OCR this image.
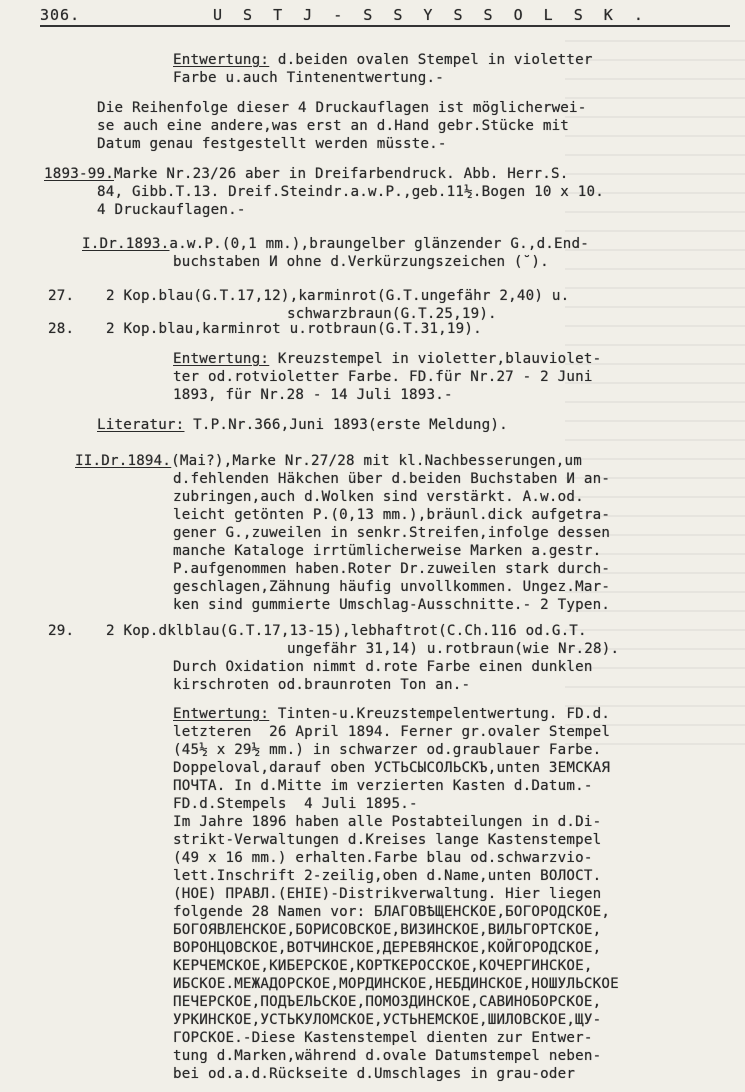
306.	U S T J - S S Y S S O L S K .
Entwertung: d.beiden ovalen Stempel in violetter
Farbe u.auch Tintenentwertung.-
Die Reihenfolge dieser 4 Druckauflagen ist möglicherwei-
se auch eine andere,was erst an d.Hand gebr.Stücke mit
Datum genau festgestellt werden müsste.-
1893-99.Marke Nr.23/26 aber in Dreifarbendruck. Abb. Herr.S.
84, Gibb.T.13. Dreif.Steindr.a.w.P.,geb.11½.Bogen 10 x 10.
4 Druckauflagen.-
I.Dr.1893.a.w.P.(0,1 mm.),braungelber glänzender G.,d.End-
buchstaben И ohne d.Verkürzungszeichen (˘).
27. 2 Kop.blau(G.T.17,12),karminrot(G.T.ungefähr 2,40) u.
schwarzbraun(G.T.25,19).
28. 2 Kop.blau,karminrot u.rotbraun(G.T.31,19).
Entwertung: Kreuzstempel in violetter,blauviolet-
ter od.rotvioletter Farbe. FD.für Nr.27 - 2 Juni
1893, für Nr.28 - 14 Juli 1893.-
Literatur: T.P.Nr.366,Juni 1893(erste Meldung).
II.Dr.1894.(Mai?),Marke Nr.27/28 mit kl.Nachbesserungen,um
d.fehlenden Häkchen über d.beiden Buchstaben И an-
zubringen,auch d.Wolken sind verstärkt. A.w.od.
leicht getönten P.(0,13 mm.),bräunl.dick aufgetra-
gener G.,zuweilen in senkr.Streifen,infolge dessen
manche Kataloge irrtümlicherweise Marken a.gestr.
P.aufgenommen haben.Roter Dr.zuweilen stark durch-
geschlagen,Zähnung häufig unvollkommen. Ungez.Mar-
ken sind gummierte Umschlag-Ausschnitte.- 2 Typen.
29. 2 Kop.dklblau(G.T.17,13-15),lebhaftrot(C.Ch.116 od.G.T.
ungefähr 31,14) u.rotbraun(wie Nr.28).
Durch Oxidation nimmt d.rote Farbe einen dunklen
kirschroten od.braunroten Ton an.-
Entwertung: Tinten-u.Kreuzstempelentwertung. FD.d.
letzteren  26 April 1894. Ferner gr.ovaler Stempel
(45½ x 29½ mm.) in schwarzer od.graublauer Farbe.
Doppeloval,darauf oben УСТЬСЫСОЛЬСКЪ,unten ЗЕМСКАЯ
ПОЧТА. In d.Mitte im verzierten Kasten d.Datum.-
FD.d.Stempels  4 Juli 1895.-
Im Jahre 1896 haben alle Postabteilungen in d.Di-
strikt-Verwaltungen d.Kreises lange Kastenstempel
(49 x 16 mm.) erhalten.Farbe blau od.schwarzvio-
lett.Inschrift 2-zeilig,oben d.Name,unten ВОЛОСТ.
(НОЕ) ПРАВЛ.(ЕНIЕ)-Distrikverwaltung. Hier liegen
folgende 28 Namen vor: БЛАГОВѢЩЕНСКОЕ,БОГОРОДСКОЕ,
БОГОЯВЛЕНСКОЕ,БОРИСОВСКОЕ,ВИЗИНСКОЕ,ВИЛЬГОРТСКОЕ,
ВОРОНЦОВСКОЕ,ВОТЧИНСКОЕ,ДЕРЕВЯНСКОЕ,КОЙГОРОДСКОЕ,
КЕРЧЕМСКОЕ,КИБЕРСКОЕ,КОРТКЕРОССКОЕ,КОЧЕРГИНСКОЕ,
ИБСКОЕ.МЕЖАДОРСКОЕ,МОРДИНСКОЕ,НЕБДИНСКОЕ,НОШУЛЬСКОЕ
ПЕЧЕРСКОЕ,ПОДЪЕЛЬСКОЕ,ПОМОЗДИНСКОЕ,САВИНОБОРСКОЕ,
УРКИНСКОЕ,УСТЬКУЛОМСКОЕ,УСТЬНЕМСКОЕ,ШИЛОВСКОЕ,ЩУ-
ГОРСКОЕ.-Diese Kastenstempel dienten zur Entwer-
tung d.Marken,während d.ovale Datumstempel neben-
bei od.a.d.Rückseite d.Umschlages in grau-oder
